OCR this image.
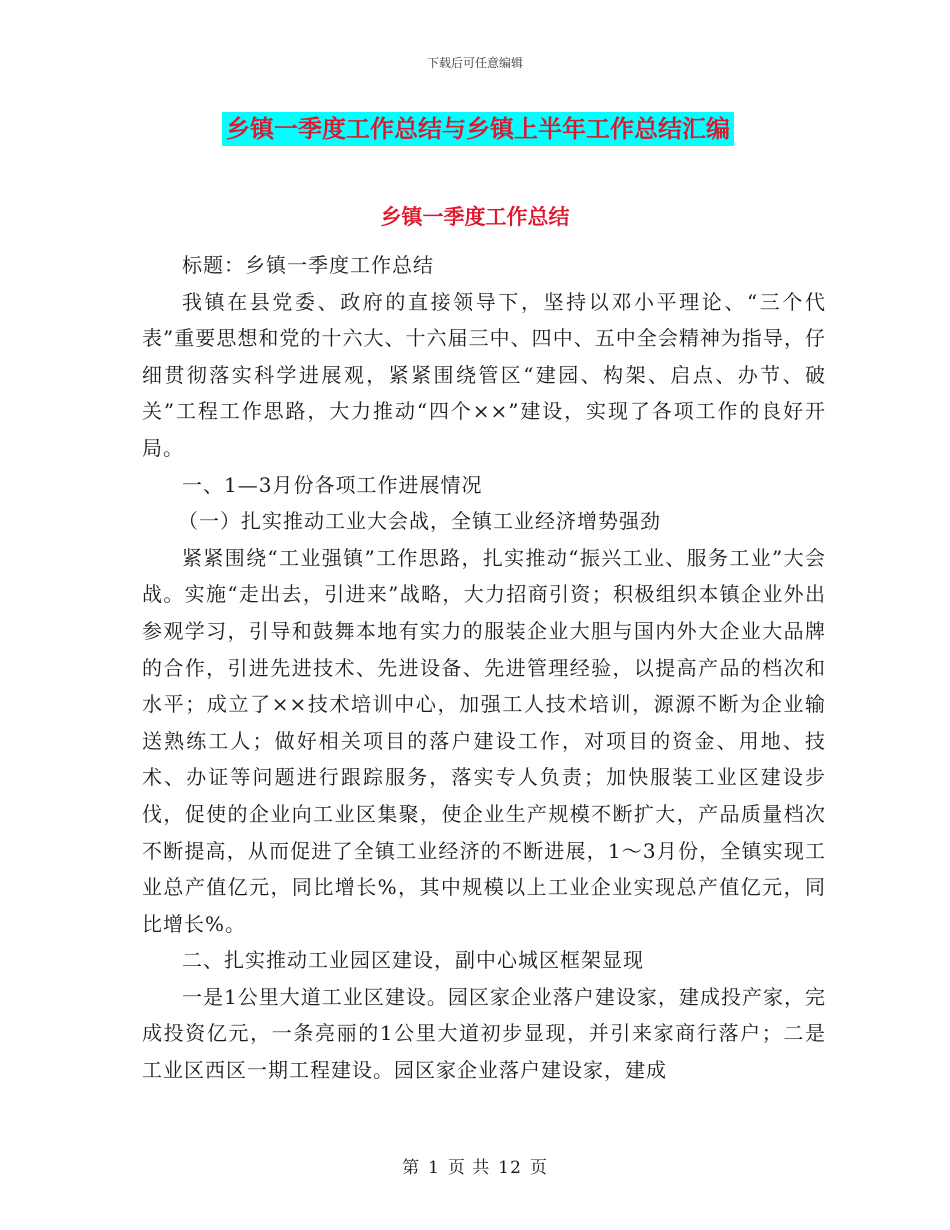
下载后可任意编辑
乡镇一季度工作总结与乡镇上半年工作总结汇编
乡镇一季度工作总结

标题：乡镇一季度工作总结

我镇在县党委、政府的直接领导下，坚持以邓小平理论、“三个代表”重要思想和党的十六大、十六届三中、四中、五中全会精神为指导，仔细贯彻落实科学进展观，紧紧围绕管区“建园、构架、启点、办节、破关”工程工作思路，大力推动“四个××”建设，实现了各项工作的良好开局。

一、1—3月份各项工作进展情况

（一）扎实推动工业大会战，全镇工业经济增势强劲

紧紧围绕“工业强镇”工作思路，扎实推动“振兴工业、服务工业”大会战。实施“走出去，引进来”战略，大力招商引资；积极组织本镇企业外出参观学习，引导和鼓舞本地有实力的服装企业大胆与国内外大企业大品牌的合作，引进先进技术、先进设备、先进管理经验，以提高产品的档次和水平；成立了××技术培训中心，加强工人技术培训，源源不断为企业输送熟练工人；做好相关项目的落户建设工作，对项目的资金、用地、技术、办证等问题进行跟踪服务，落实专人负责；加快服装工业区建设步伐，促使的企业向工业区集聚，使企业生产规模不断扩大，产品质量档次不断提高，从而促进了全镇工业经济的不断进展，1～3月份，全镇实现工业总产值亿元，同比增长%，其中规模以上工业企业实现总产值亿元，同比增长%。

二、扎实推动工业园区建设，副中心城区框架显现

一是1公里大道工业区建设。园区家企业落户建设家，建成投产家，完成投资亿元，一条亮丽的1公里大道初步显现，并引来家商行落户；二是工业区西区一期工程建设。园区家企业落户建设家，建成

第 1 页 共 12 页
